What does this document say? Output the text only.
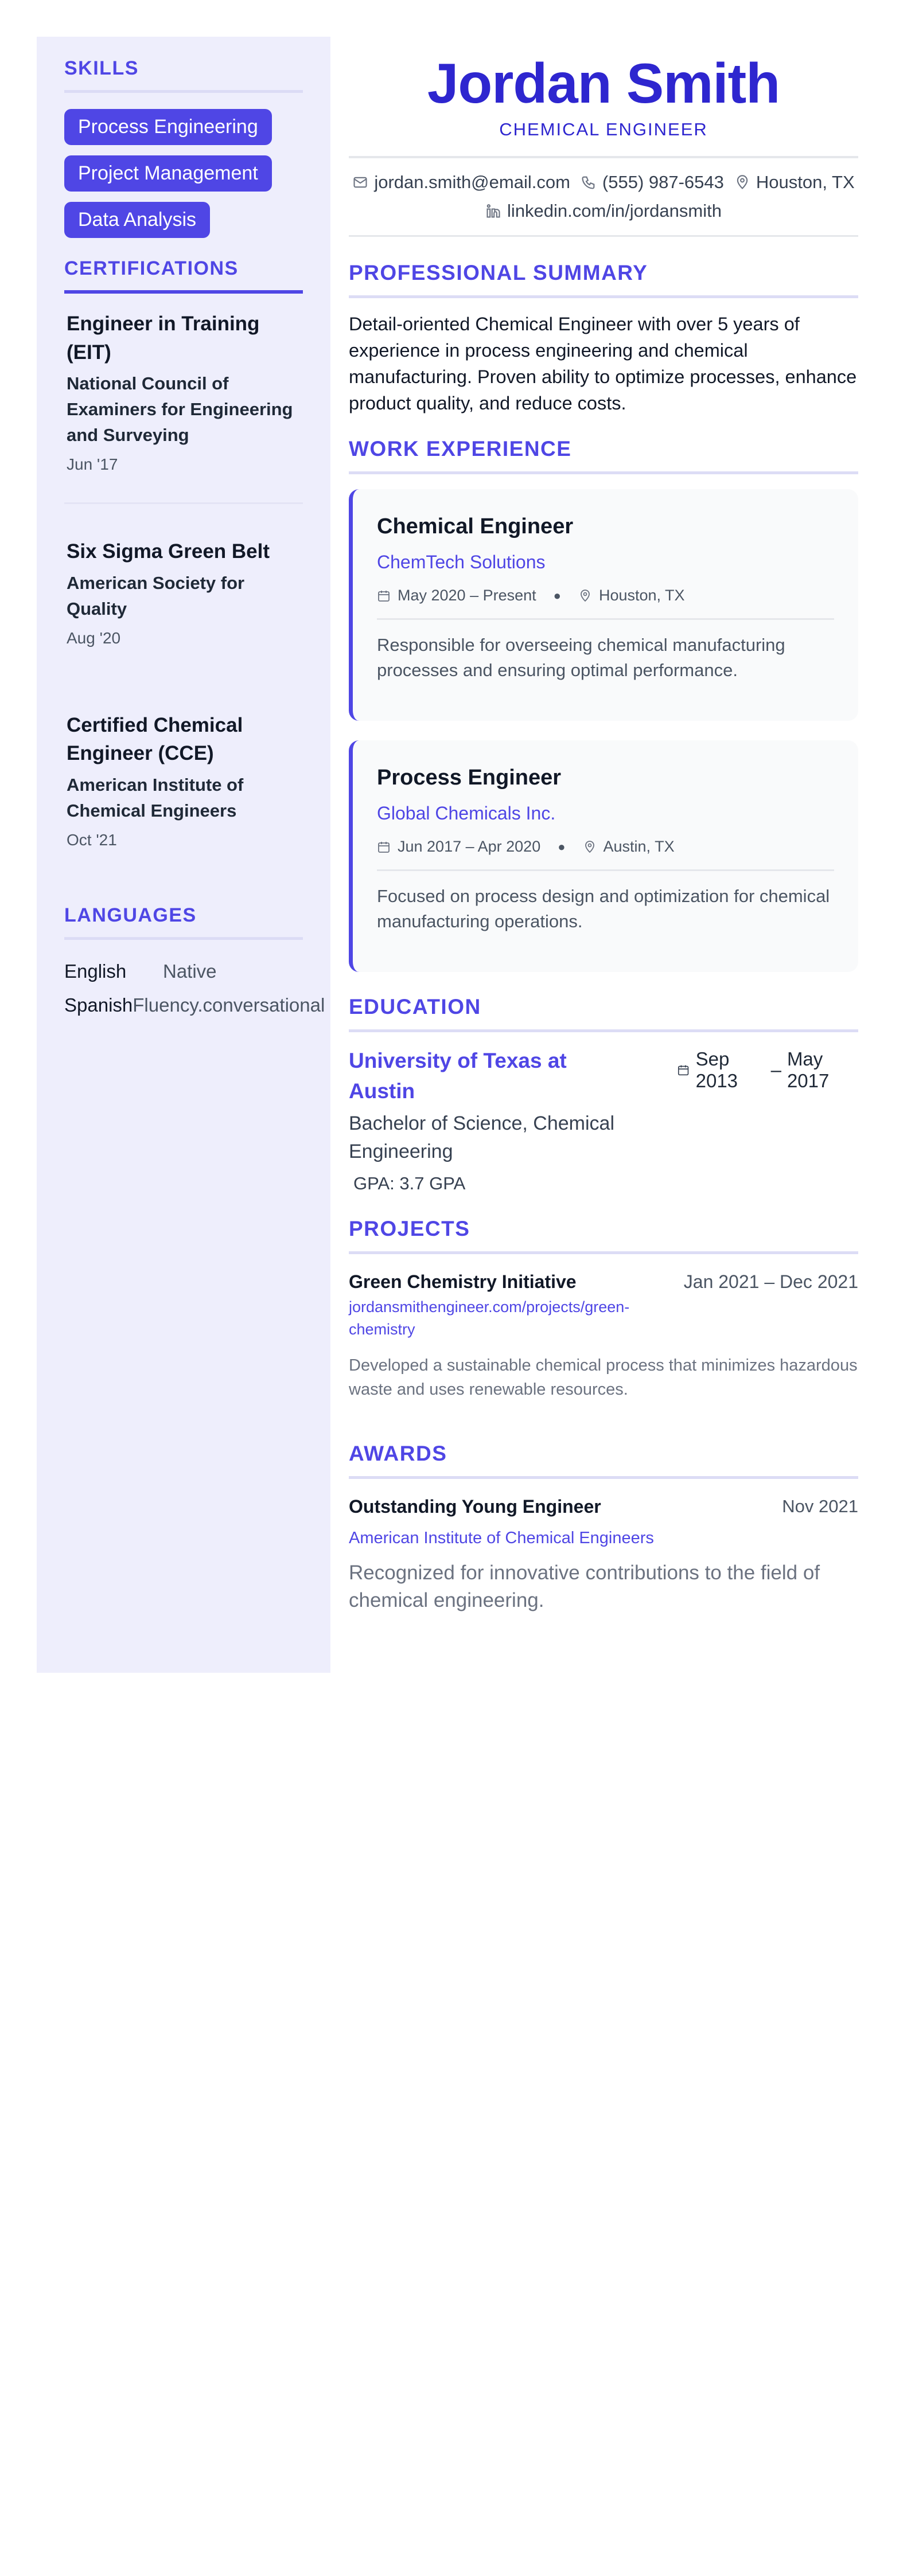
SKILLS
Process Engineering
Project Management
Data Analysis
CERTIFICATIONS
Engineer in Training (EIT)
National Council of Examiners for Engineering and Surveying
Jun '17
Six Sigma Green Belt
American Society for Quality
Aug '20
Certified Chemical Engineer (CCE)
American Institute of Chemical Engineers
Oct '21
LANGUAGES
English	Native
Spanish Fluency.conversational
Jordan Smith
CHEMICAL ENGINEER
jordan.smith@email.com (555) 987-6543 Houston, TX
linkedin.com/in/jordansmith
PROFESSIONAL SUMMARY
Detail-oriented Chemical Engineer with over 5 years of experience in process engineering and chemical manufacturing. Proven ability to optimize processes, enhance product quality, and reduce costs.
WORK EXPERIENCE
Chemical Engineer
ChemTech Solutions
May 2020 – Present ● Houston, TX
Responsible for overseeing chemical manufacturing processes and ensuring optimal performance.
Process Engineer
Global Chemicals Inc.
Jun 2017 – Apr 2020 ● Austin, TX
Focused on process design and optimization for chemical manufacturing operations.
EDUCATION
University of Texas at Austin
Bachelor of Science, Chemical Engineering
GPA: 3.7 GPA
Sep 2013
–
May 2017
PROJECTS
Green Chemistry Initiative	Jan 2021 – Dec 2021
jordansmithengineer.com/projects/green-chemistry
Developed a sustainable chemical process that minimizes hazardous waste and uses renewable resources.
AWARDS
Outstanding Young Engineer	Nov 2021
American Institute of Chemical Engineers
Recognized for innovative contributions to the field of chemical engineering.
